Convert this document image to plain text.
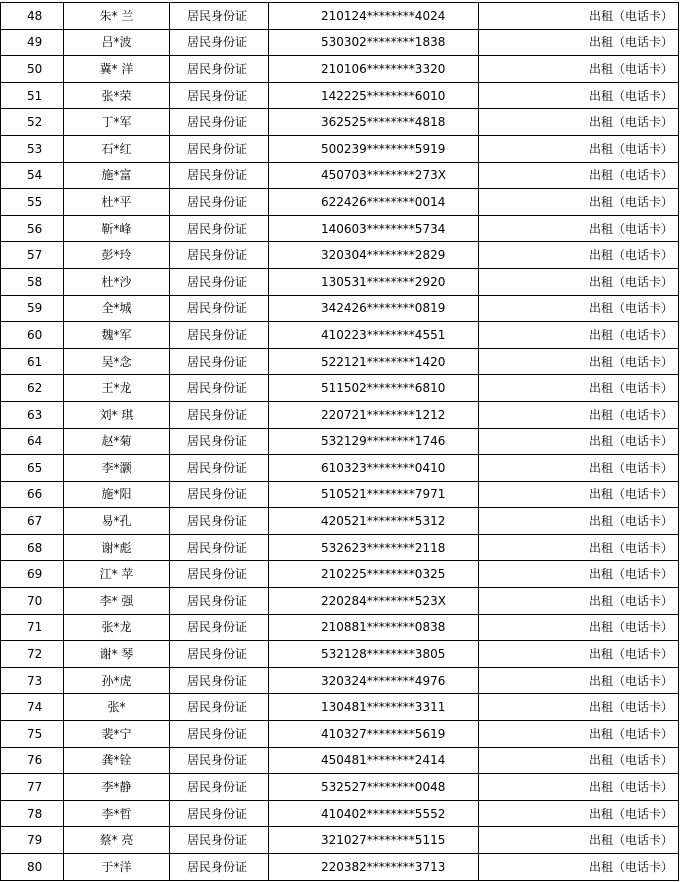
48	朱* 兰	居民身份证	210124********4024	出租（电话卡）
49	吕*波	居民身份证	530302********1838	出租（电话卡）
50	冀* 洋	居民身份证	210106********3320	出租（电话卡）
51	张*荣	居民身份证	142225********6010	出租（电话卡）
52	丁*军	居民身份证	362525********4818	出租（电话卡）
53	石*红	居民身份证	500239********5919	出租（电话卡）
54	施*富	居民身份证	450703********273X	出租（电话卡）
55	杜*平	居民身份证	622426********0014	出租（电话卡）
56	靳*峰	居民身份证	140603********5734	出租（电话卡）
57	彭*玲	居民身份证	320304********2829	出租（电话卡）
58	杜*沙	居民身份证	130531********2920	出租（电话卡）
59	全*城	居民身份证	342426********0819	出租（电话卡）
60	魏*军	居民身份证	410223********4551	出租（电话卡）
61	吴*念	居民身份证	522121********1420	出租（电话卡）
62	王*龙	居民身份证	511502********6810	出租（电话卡）
63	刘* 琪	居民身份证	220721********1212	出租（电话卡）
64	赵*菊	居民身份证	532129********1746	出租（电话卡）
65	李*灏	居民身份证	610323********0410	出租（电话卡）
66	施*阳	居民身份证	510521********7971	出租（电话卡）
67	易*孔	居民身份证	420521********5312	出租（电话卡）
68	谢*彪	居民身份证	532623********2118	出租（电话卡）
69	江* 苹	居民身份证	210225********0325	出租（电话卡）
70	李* 强	居民身份证	220284********523X	出租（电话卡）
71	张*龙	居民身份证	210881********0838	出租（电话卡）
72	谢* 琴	居民身份证	532128********3805	出租（电话卡）
73	孙*虎	居民身份证	320324********4976	出租（电话卡）
74	张*	居民身份证	130481********3311	出租（电话卡）
75	裴*宁	居民身份证	410327********5619	出租（电话卡）
76	龚*铨	居民身份证	450481********2414	出租（电话卡）
77	李*静	居民身份证	532527********0048	出租（电话卡）
78	李*哲	居民身份证	410402********5552	出租（电话卡）
79	蔡* 亮	居民身份证	321027********5115	出租（电话卡）
80	于*洋	居民身份证	220382********3713	出租（电话卡）
